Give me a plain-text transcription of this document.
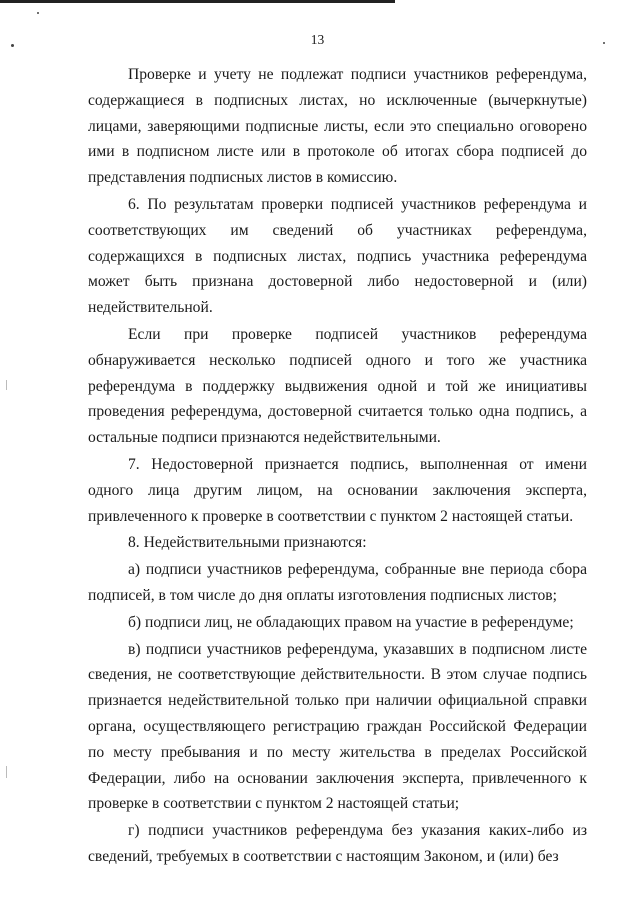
13

Проверке и учету не подлежат подписи участников референдума, содержащиеся в подписных листах, но исключенные (вычеркнутые) лицами, заверяющими подписные листы, если это специально оговорено ими в подписном листе или в протоколе об итогах сбора подписей до представления подписных листов в комиссию.

6. По результатам проверки подписей участников референдума и соответствующих им сведений об участниках референдума, содержащихся в подписных листах, подпись участника референдума может быть признана достоверной либо недостоверной и (или) недействительной.

Если при проверке подписей участников референдума обнаруживается несколько подписей одного и того же участника референдума в поддержку выдвижения одной и той же инициативы проведения референдума, достоверной считается только одна подпись, а остальные подписи признаются недействительными.

7. Недостоверной признается подпись, выполненная от имени одного лица другим лицом, на основании заключения эксперта, привлеченного к проверке в соответствии с пунктом 2 настоящей статьи.

8. Недействительными признаются:

а) подписи участников референдума, собранные вне периода сбора подписей, в том числе до дня оплаты изготовления подписных листов;

б) подписи лиц, не обладающих правом на участие в референдуме;

в) подписи участников референдума, указавших в подписном листе сведения, не соответствующие действительности. В этом случае подпись признается недействительной только при наличии официальной справки органа, осуществляющего регистрацию граждан Российской Федерации по месту пребывания и по месту жительства в пределах Российской Федерации, либо на основании заключения эксперта, привлеченного к проверке в соответствии с пунктом 2 настоящей статьи;

г) подписи участников референдума без указания каких-либо из сведений, требуемых в соответствии с настоящим Законом, и (или) без
